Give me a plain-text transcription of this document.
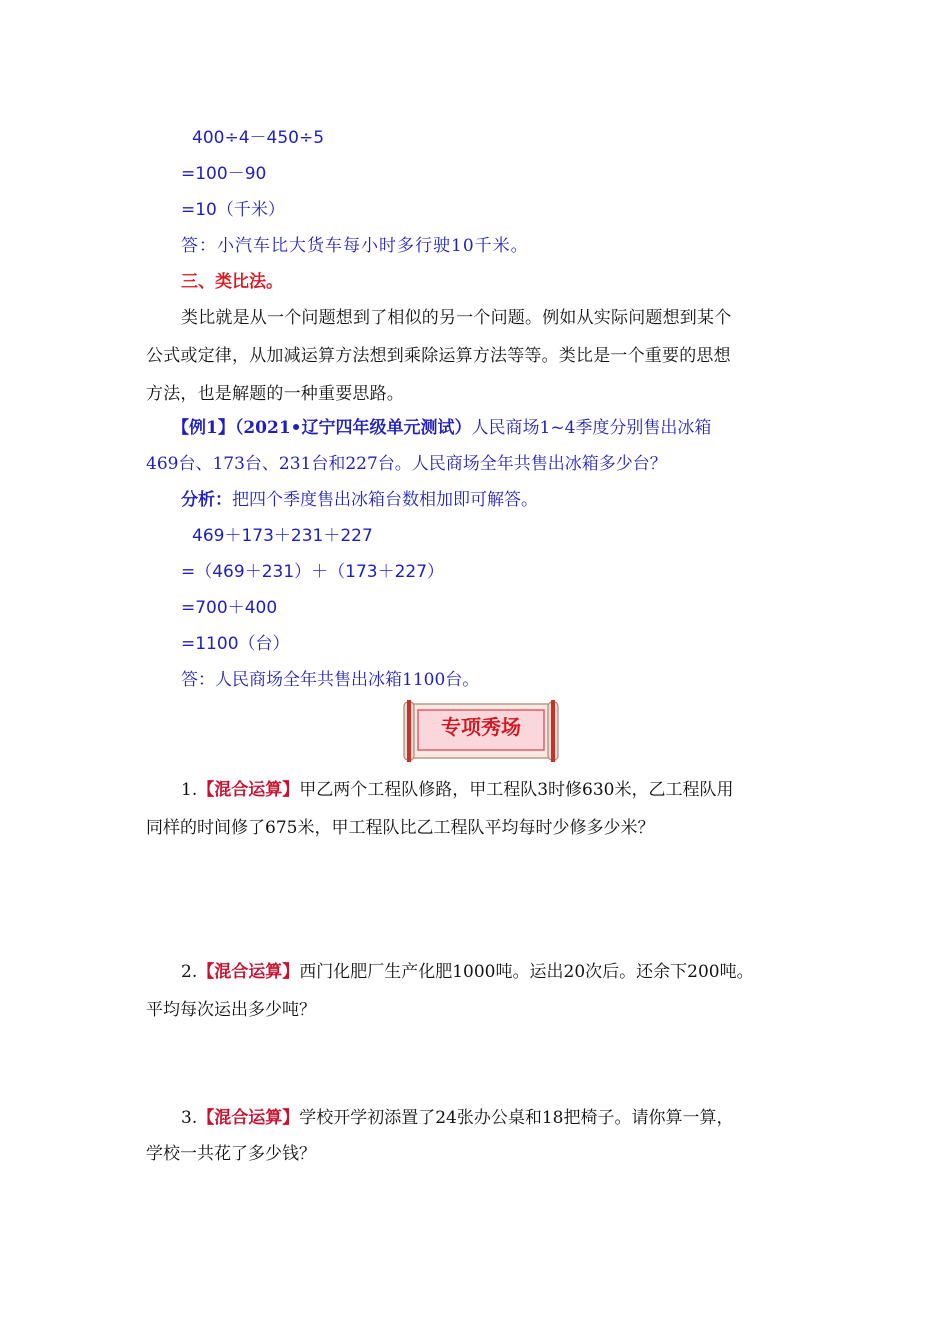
400÷4－450÷5
=100－90
=10（千米）
答：小汽车比大货车每小时多行驶10千米。
三、类比法。
类比就是从一个问题想到了相似的另一个问题。例如从实际问题想到某个
公式或定律，从加减运算方法想到乘除运算方法等等。类比是一个重要的思想
方法，也是解题的一种重要思路。
【例1】（2021•辽宁四年级单元测试）人民商场1~4季度分别售出冰箱
469台、173台、231台和227台。人民商场全年共售出冰箱多少台？
分析：把四个季度售出冰箱台数相加即可解答。
469＋173＋231＋227
=（469＋231）＋（173＋227）
=700＋400
=1100（台）
答：人民商场全年共售出冰箱1100台。
专项秀场
1.【混合运算】甲乙两个工程队修路，甲工程队3时修630米，乙工程队用
同样的时间修了675米，甲工程队比乙工程队平均每时少修多少米？
2.【混合运算】西门化肥厂生产化肥1000吨。运出20次后。还余下200吨。
平均每次运出多少吨？
3.【混合运算】学校开学初添置了24张办公桌和18把椅子。请你算一算，
学校一共花了多少钱？
